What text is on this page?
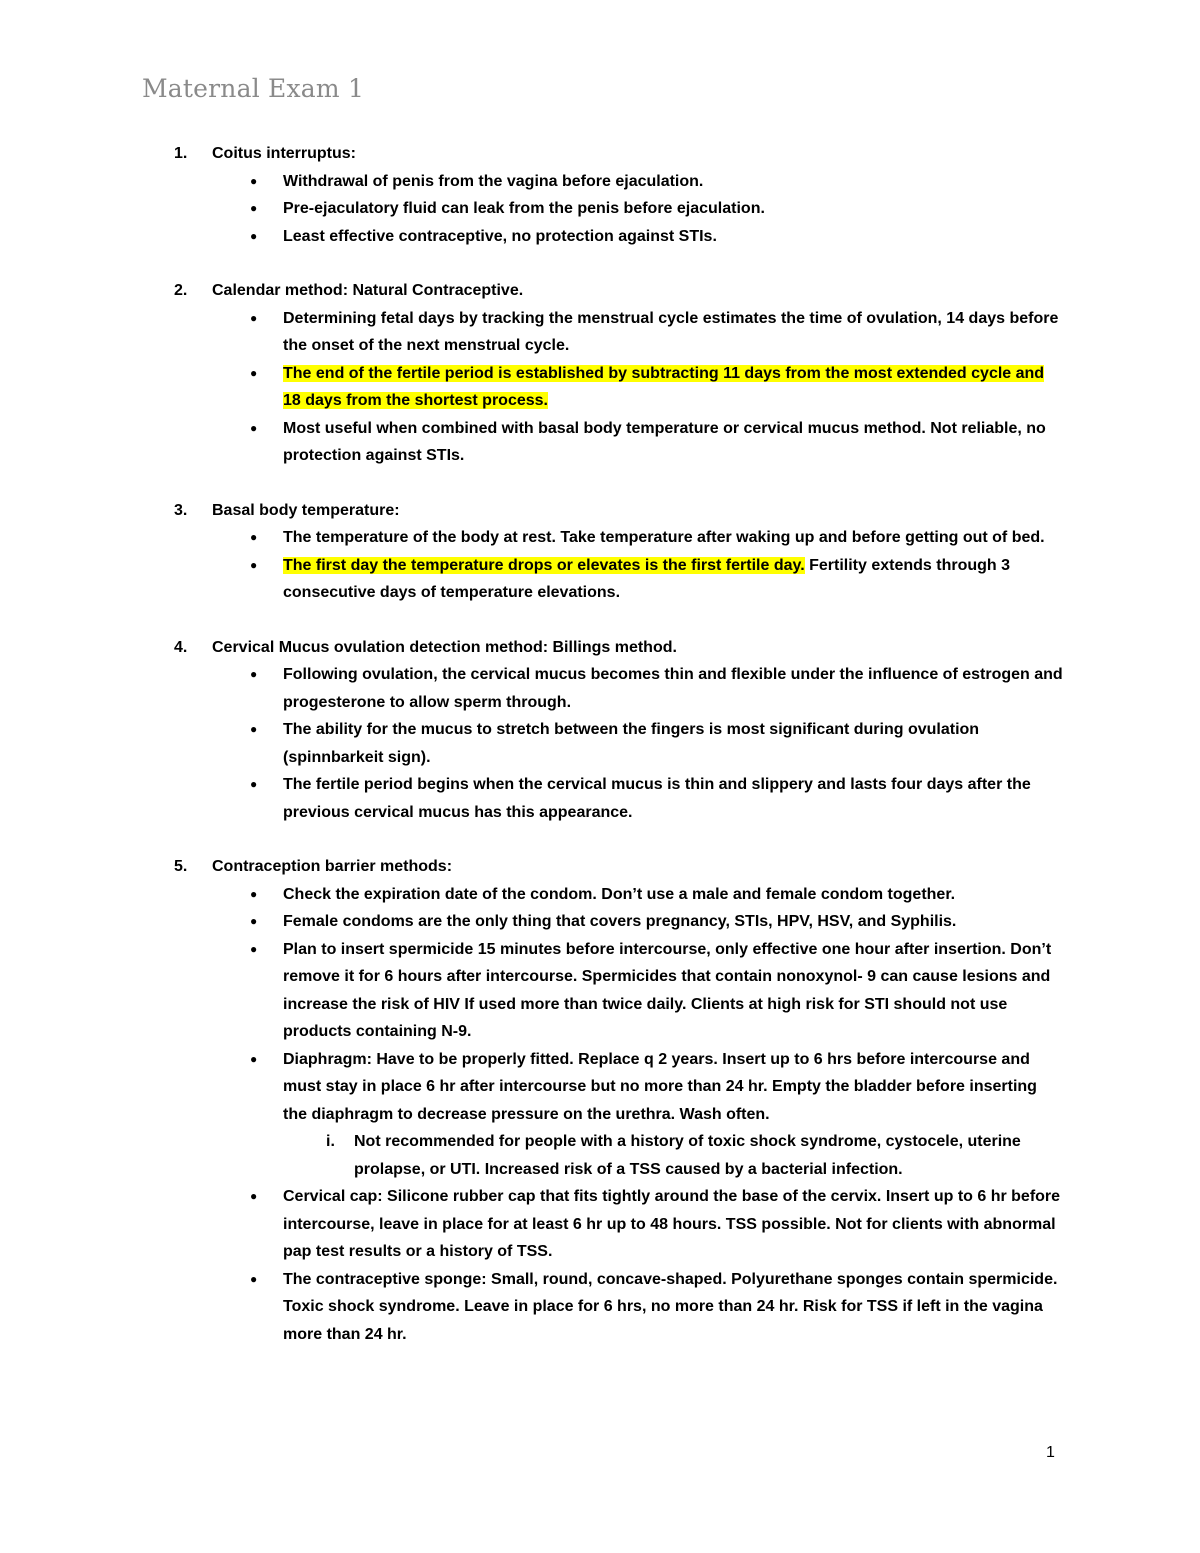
Maternal Exam 1
1. Coitus interruptus:
● Withdrawal of penis from the vagina before ejaculation.
● Pre-ejaculatory fluid can leak from the penis before ejaculation.
● Least effective contraceptive, no protection against STIs.
2. Calendar method: Natural Contraceptive.
● Determining fetal days by tracking the menstrual cycle estimates the time of ovulation, 14 days before the onset of the next menstrual cycle.
● The end of the fertile period is established by subtracting 11 days from the most extended cycle and 18 days from the shortest process.
● Most useful when combined with basal body temperature or cervical mucus method. Not reliable, no protection against STIs.
3. Basal body temperature:
● The temperature of the body at rest. Take temperature after waking up and before getting out of bed.
● The first day the temperature drops or elevates is the first fertile day. Fertility extends through 3 consecutive days of temperature elevations.
4. Cervical Mucus ovulation detection method: Billings method.
● Following ovulation, the cervical mucus becomes thin and flexible under the influence of estrogen and progesterone to allow sperm through.
● The ability for the mucus to stretch between the fingers is most significant during ovulation (spinnbarkeit sign).
● The fertile period begins when the cervical mucus is thin and slippery and lasts four days after the previous cervical mucus has this appearance.
5. Contraception barrier methods:
● Check the expiration date of the condom. Don’t use a male and female condom together.
● Female condoms are the only thing that covers pregnancy, STIs, HPV, HSV, and Syphilis.
● Plan to insert spermicide 15 minutes before intercourse, only effective one hour after insertion. Don’t remove it for 6 hours after intercourse. Spermicides that contain nonoxynol- 9 can cause lesions and increase the risk of HIV If used more than twice daily. Clients at high risk for STI should not use products containing N-9.
● Diaphragm: Have to be properly fitted. Replace q 2 years. Insert up to 6 hrs before intercourse and must stay in place 6 hr after intercourse but no more than 24 hr. Empty the bladder before inserting the diaphragm to decrease pressure on the urethra. Wash often.
i. Not recommended for people with a history of toxic shock syndrome, cystocele, uterine prolapse, or UTI. Increased risk of a TSS caused by a bacterial infection.
● Cervical cap: Silicone rubber cap that fits tightly around the base of the cervix. Insert up to 6 hr before intercourse, leave in place for at least 6 hr up to 48 hours. TSS possible. Not for clients with abnormal pap test results or a history of TSS.
● The contraceptive sponge: Small, round, concave-shaped. Polyurethane sponges contain spermicide. Toxic shock syndrome. Leave in place for 6 hrs, no more than 24 hr. Risk for TSS if left in the vagina more than 24 hr.
1
